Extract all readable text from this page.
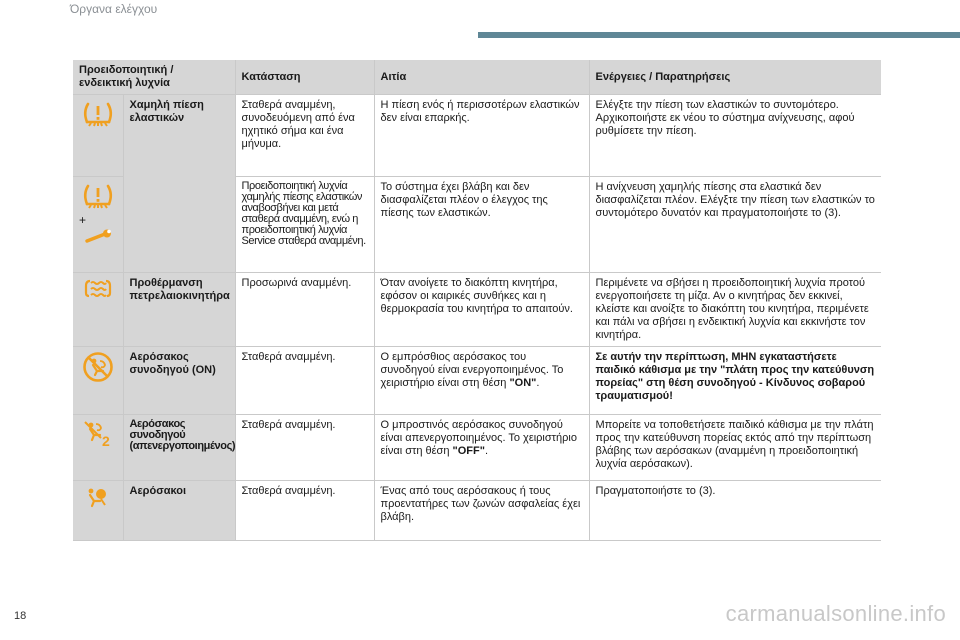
Όργανα ελέγχου
Προειδοποιητική / ενδεικτική λυχνία		Κατάσταση	Αιτία	Ενέργειες / Παρατηρήσεις

	Χαμηλή πίεση ελαστικών	Σταθερά αναμμένη, συνοδευόμενη από ένα ηχητικό σήμα και ένα μήνυμα.	Η πίεση ενός ή περισσοτέρων ελαστικών δεν είναι επαρκής.	Ελέγξτε την πίεση των ελαστικών το συντομότερο. Αρχικοποιήστε εκ νέου το σύστημα ανίχνευσης, αφού ρυθμίσετε την πίεση.

+		Προειδοποιητική λυχνία χαμηλής πίεσης ελαστικών αναβοσβήνει και μετά σταθερά αναμμένη, ενώ η προειδοποιητική λυχνία Service σταθερά αναμμένη.	Το σύστημα έχει βλάβη και δεν διασφαλίζεται πλέον ο έλεγχος της πίεσης των ελαστικών.	Η ανίχνευση χαμηλής πίεσης στα ελαστικά δεν διασφαλίζεται πλέον. Ελέγξτε την πίεση των ελαστικών το συντομότερο δυνατόν και πραγματοποιήστε το (3).

	Προθέρμανση πετρελαιοκινητήρα	Προσωρινά αναμμένη.	Όταν ανοίγετε το διακόπτη κινητήρα, εφόσον οι καιρικές συνθήκες και η θερμοκρασία του κινητήρα το απαιτούν.	Περιμένετε να σβήσει η προειδοποιητική λυχνία προτού ενεργοποιήσετε τη μίζα. Αν ο κινητήρας δεν εκκινεί, κλείστε και ανοίξτε το διακόπτη του κινητήρα, περιμένετε και πάλι να σβήσει η ενδεικτική λυχνία και εκκινήστε τον κινητήρα.

	Αερόσακος συνοδηγού (ON)	Σταθερά αναμμένη.	Ο εμπρόσθιος αερόσακος του συνοδηγού είναι ενεργοποιημένος. Το χειριστήριο είναι στη θέση "ON".	Σε αυτήν την περίπτωση, ΜΗΝ εγκαταστήσετε παιδικό κάθισμα με την "πλάτη προς την κατεύθυνση πορείας" στη θέση συνοδηγού - Κίνδυνος σοβαρού τραυματισμού!

2	Αερόσακος συνοδηγού (απενεργοποιημένος)	Σταθερά αναμμένη.	Ο μπροστινός αερόσακος συνοδηγού είναι απενεργοποιημένος. Το χειριστήριο είναι στη θέση "OFF".	Μπορείτε να τοποθετήσετε παιδικό κάθισμα με την πλάτη προς την κατεύθυνση πορείας εκτός από την περίπτωση βλάβης των αερόσακων (αναμμένη η προειδοποιητική λυχνία αερόσακων).

	Αερόσακοι	Σταθερά αναμμένη.	Ένας από τους αερόσακους ή τους προεντατήρες των ζωνών ασφαλείας έχει βλάβη.	Πραγματοποιήστε το (3).
18	carmanualsonline.info
